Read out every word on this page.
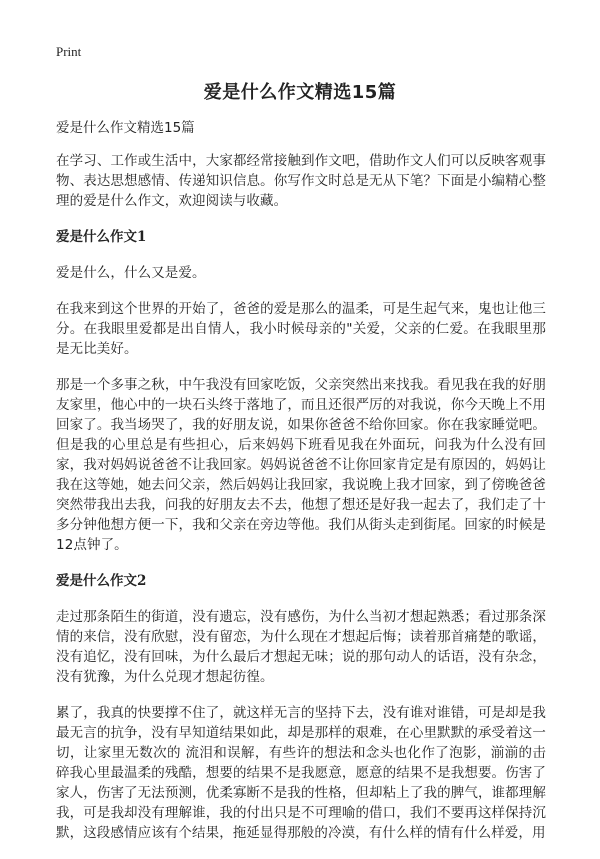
Print
爱是什么作文精选15篇
爱是什么作文精选15篇

在学习、工作或生活中，大家都经常接触到作文吧，借助作文人们可以反映客观事物、表达思想感情、传递知识信息。你写作文时总是无从下笔？下面是小编精心整理的爱是什么作文，欢迎阅读与收藏。

爱是什么作文1

爱是什么，什么又是爱。

在我来到这个世界的开始了，爸爸的爱是那么的温柔，可是生起气来，鬼也让他三分。在我眼里爱都是出自情人，我小时候母亲的"关爱，父亲的仁爱。在我眼里那是无比美好。

那是一个多事之秋，中午我没有回家吃饭，父亲突然出来找我。看见我在我的好朋友家里，他心中的一块石头终于落地了，而且还很严厉的对我说，你今天晚上不用回家了。我当场哭了，我的好朋友说，如果你爸爸不给你回家。你在我家睡觉吧。但是我的心里总是有些担心，后来妈妈下班看见我在外面玩，问我为什么没有回家，我对妈妈说爸爸不让我回家。妈妈说爸爸不让你回家肯定是有原因的，妈妈让我在这等她，她去问父亲，然后妈妈让我回家，我说晚上我才回家，到了傍晚爸爸突然带我出去我，问我的好朋友去不去，他想了想还是好我一起去了，我们走了十多分钟他想方便一下，我和父亲在旁边等他。我们从街头走到街尾。回家的时候是12点钟了。

爱是什么作文2

走过那条陌生的街道，没有遗忘，没有感伤，为什么当初才想起熟悉；看过那条深情的来信，没有欣慰，没有留恋，为什么现在才想起后悔；读着那首痛楚的歌谣，没有追忆，没有回味，为什么最后才想起无味；说的那句动人的话语，没有杂念，没有犹豫，为什么兑现才想起彷徨。

累了，我真的快要撑不住了，就这样无言的坚持下去，没有谁对谁错，可是却是我最无言的抗争，没有早知道结果如此，却是那样的艰难，在心里默默的承受着这一切，让家里无数次的 流泪和误解，有些许的想法和念头也化作了泡影，湔湔的击碎我心里最温柔的残酷，想要的结果不是我愿意，愿意的结果不是我想要。伤害了家人，伤害了无法预测，优柔寡断不是我的性格，但却粘上了我的脾气，谁都理解我，可是我却没有理解谁，我的付出只是不可理喻的借口，我们不要再这样保持沉默，这段感情应该有个结果，拖延显得那般的冷漠，有什么样的情有什么样爱，用
